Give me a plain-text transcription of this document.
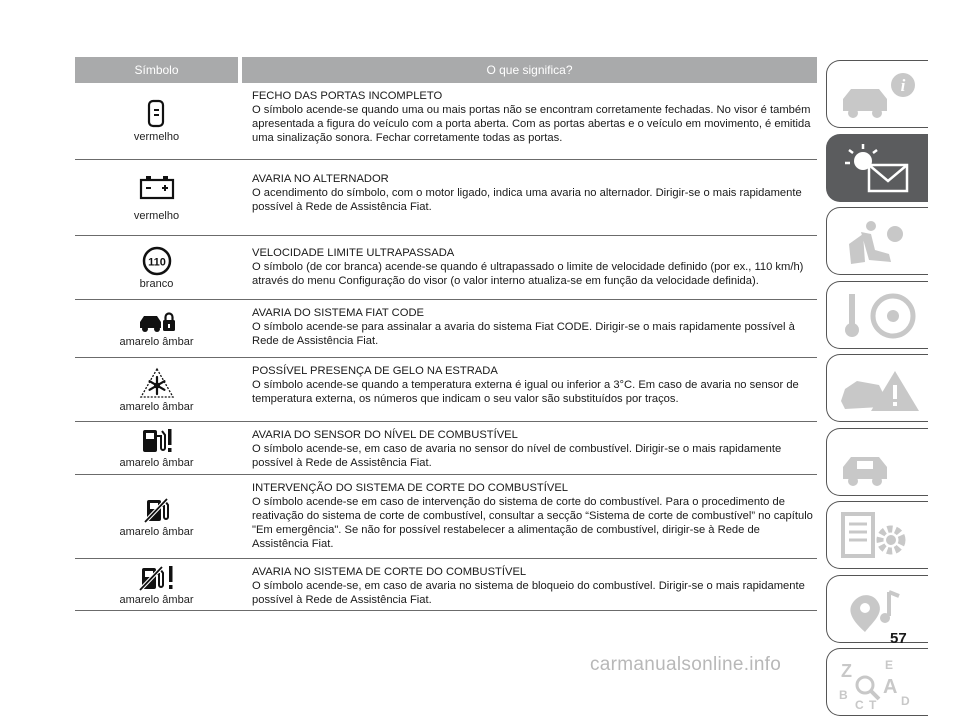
Símbolo	O que significa?
vermelho
FECHO DAS PORTAS INCOMPLETO
O símbolo acende-se quando uma ou mais portas não se encontram corretamente fechadas. No visor é também apresentada a figura do veículo com a porta aberta. Com as portas abertas e o veículo em movimento, é emitida uma sinalização sonora. Fechar corretamente todas as portas.
vermelho
AVARIA NO ALTERNADOR
O acendimento do símbolo, com o motor ligado, indica uma avaria no alternador. Dirigir-se o mais rapidamente possível à Rede de Assistência Fiat.
110
branco
VELOCIDADE LIMITE ULTRAPASSADA
O símbolo (de cor branca) acende-se quando é ultrapassado o limite de velocidade definido (por ex., 110 km/h) através do menu Configuração do visor (o valor interno atualiza-se em função da velocidade definida).
amarelo âmbar
AVARIA DO SISTEMA FIAT CODE
O símbolo acende-se para assinalar a avaria do sistema Fiat CODE. Dirigir-se o mais rapidamente possível à Rede de Assistência Fiat.
amarelo âmbar
POSSÍVEL PRESENÇA DE GELO NA ESTRADA
O símbolo acende-se quando a temperatura externa é igual ou inferior a 3°C. Em caso de avaria no sensor de temperatura externa, os números que indicam o seu valor são substituídos por traços.
amarelo âmbar
AVARIA DO SENSOR DO NÍVEL DE COMBUSTÍVEL
O símbolo acende-se, em caso de avaria no sensor do nível de combustível. Dirigir-se o mais rapidamente possível à Rede de Assistência Fiat.
amarelo âmbar
INTERVENÇÃO DO SISTEMA DE CORTE DO COMBUSTÍVEL
O símbolo acende-se em caso de intervenção do sistema de corte do combustível. Para o procedimento de reativação do sistema de corte de combustível, consultar a secção “Sistema de corte de combustível” no capítulo "Em emergência". Se não for possível restabelecer a alimentação de combustível, dirigir-se à Rede de Assistência Fiat.
amarelo âmbar
AVARIA NO SISTEMA DE CORTE DO COMBUSTÍVEL
O símbolo acende-se, em caso de avaria no sistema de bloqueio do combustível. Dirigir-se o mais rapidamente possível à Rede de Assistência Fiat.
i
Z	E
B A
C T D
57
carmanualsonline.info
